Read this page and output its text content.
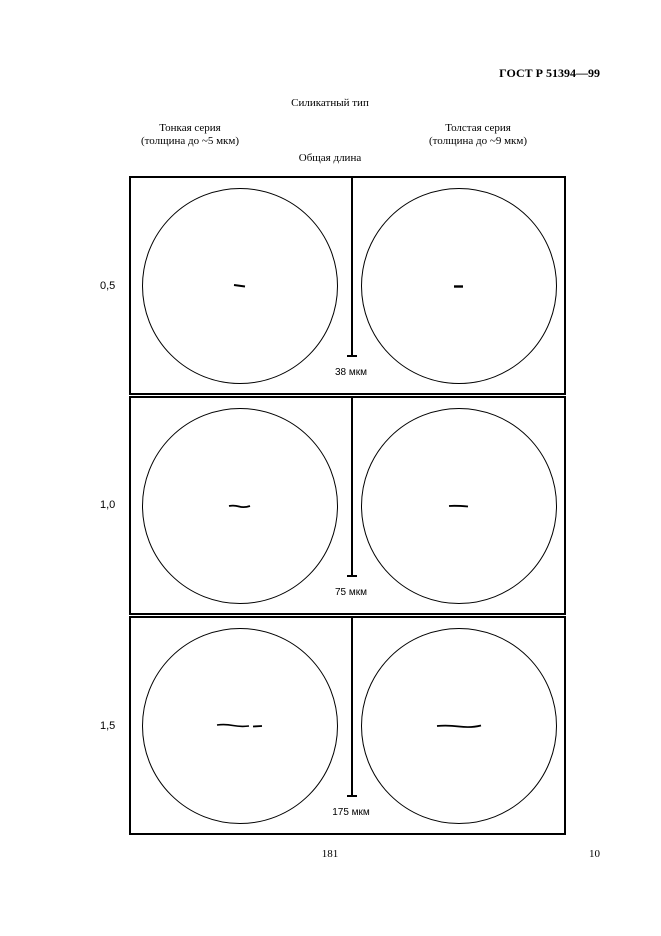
ГОСТ Р 51394—99
Силикатный тип
Тонкая серия
(толщина до ~5 мкм)
Толстая серия
(толщина до ~9 мкм)
Общая длина
0,5
38 мкм
1,0
75 мкм
1,5
175 мкм
181	10
